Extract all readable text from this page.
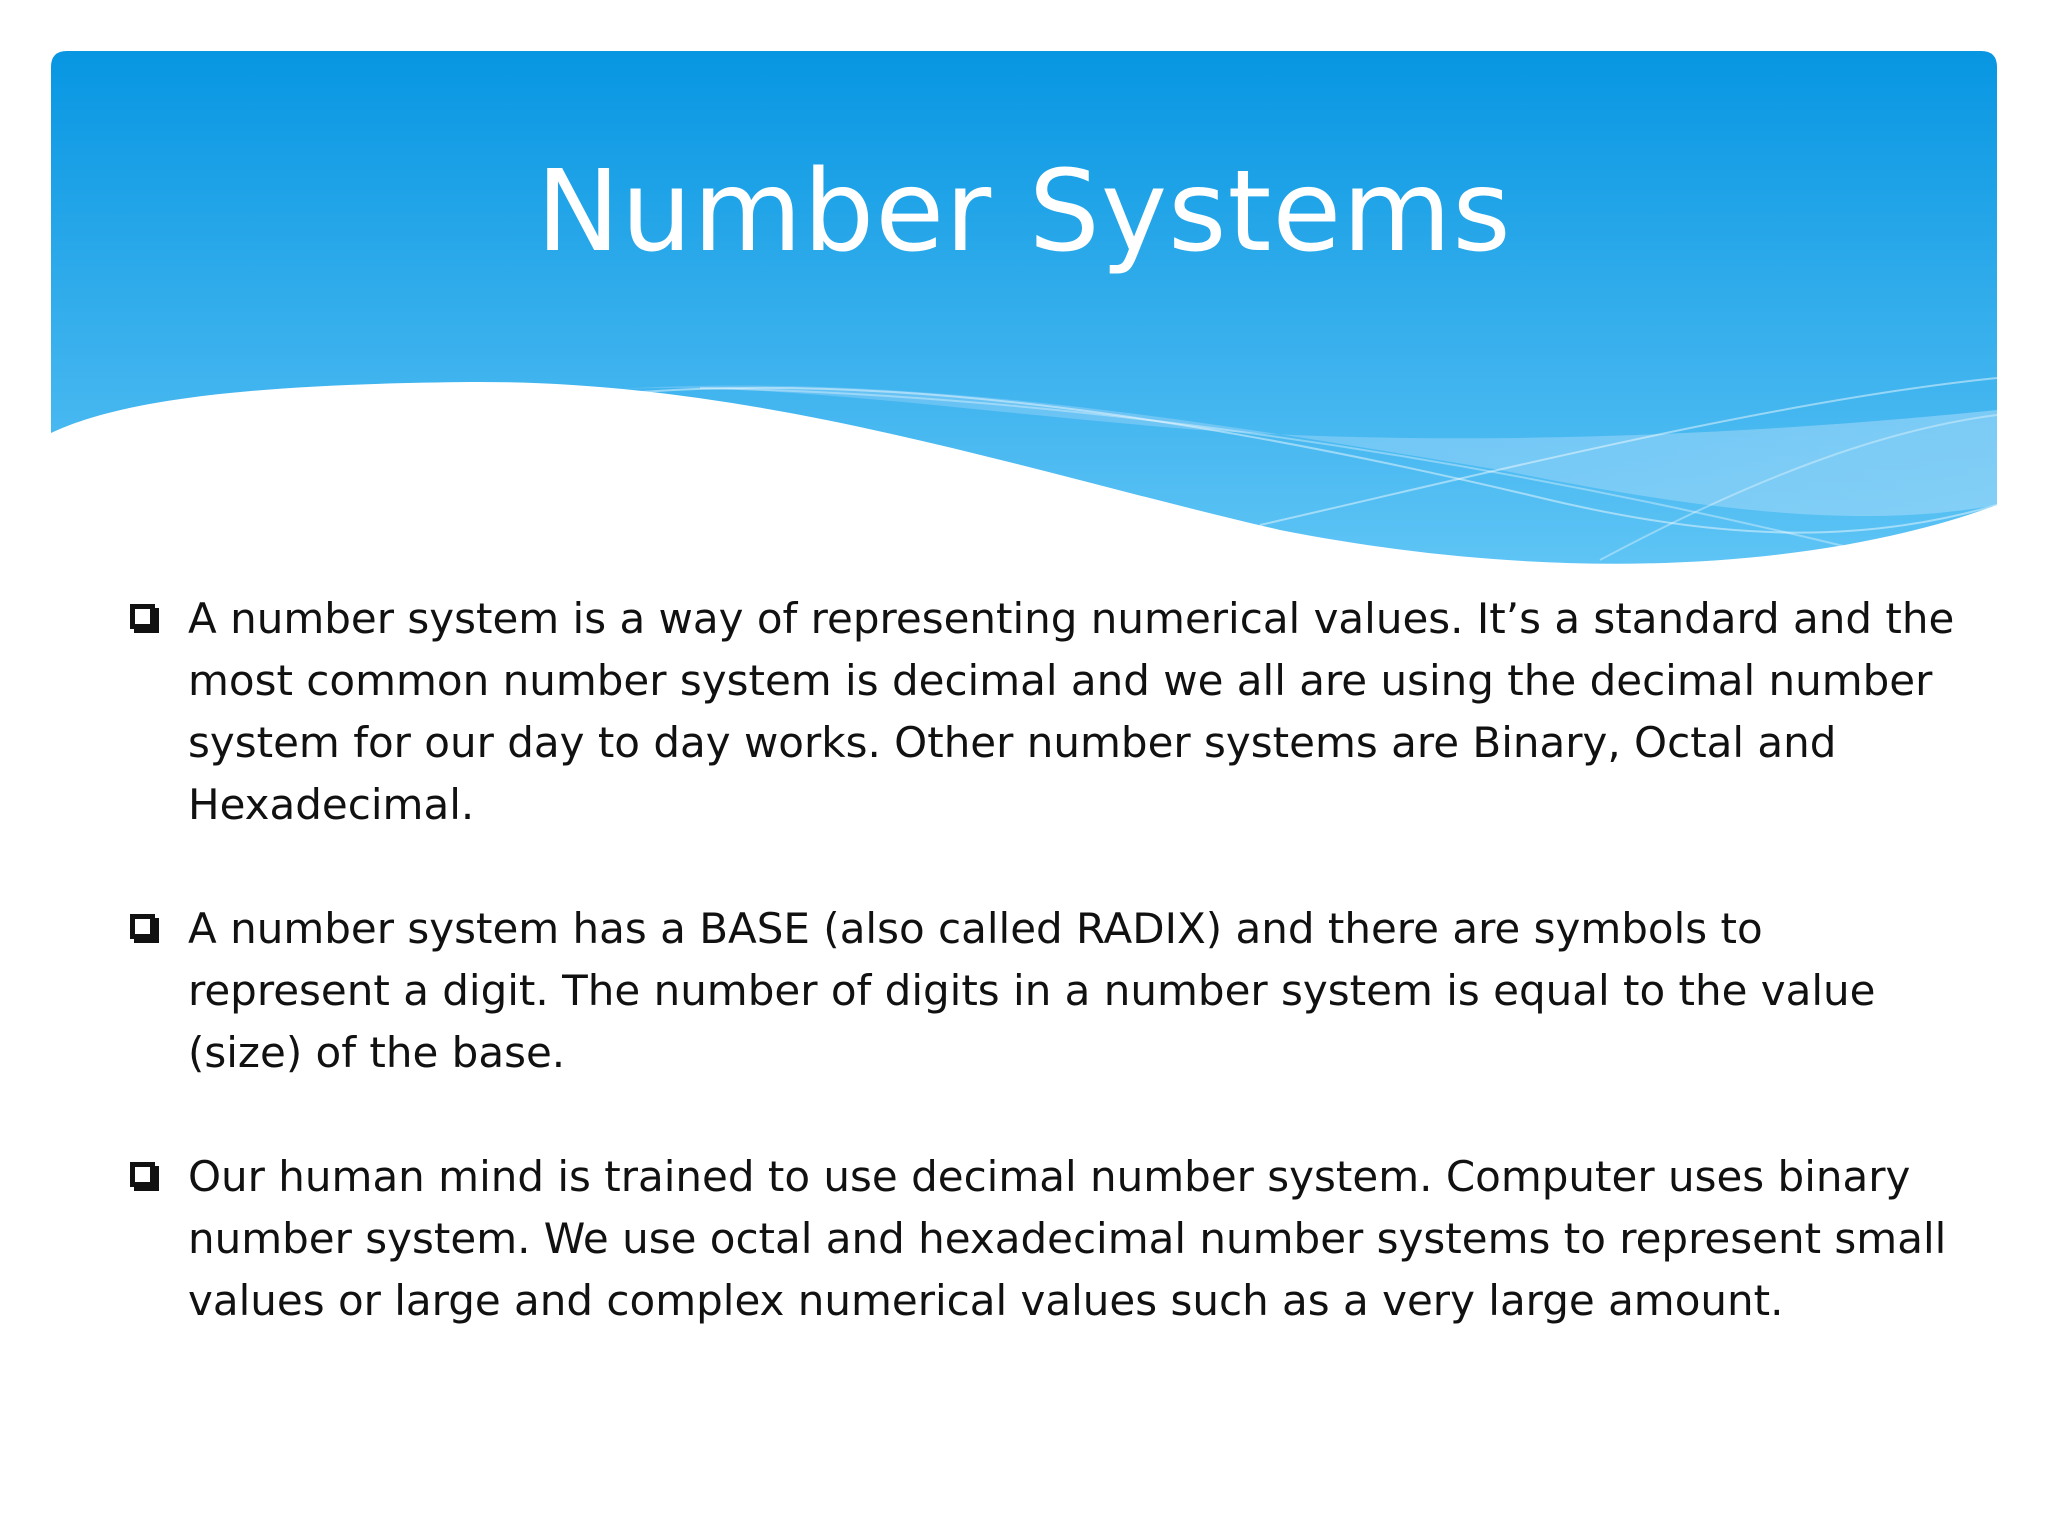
Number Systems
A number system is a way of representing numerical values. It’s a standard and the most common number system is decimal and we all are using the decimal number system for our day to day works. Other number systems are Binary, Octal and Hexadecimal.
A number system has a BASE (also called RADIX) and there are symbols to represent a digit. The number of digits in a number system is equal to the value (size) of the base.
Our human mind is trained to use decimal number system. Computer uses binary number system. We use octal and hexadecimal number systems to represent small values or large and complex numerical values such as a very large amount.
